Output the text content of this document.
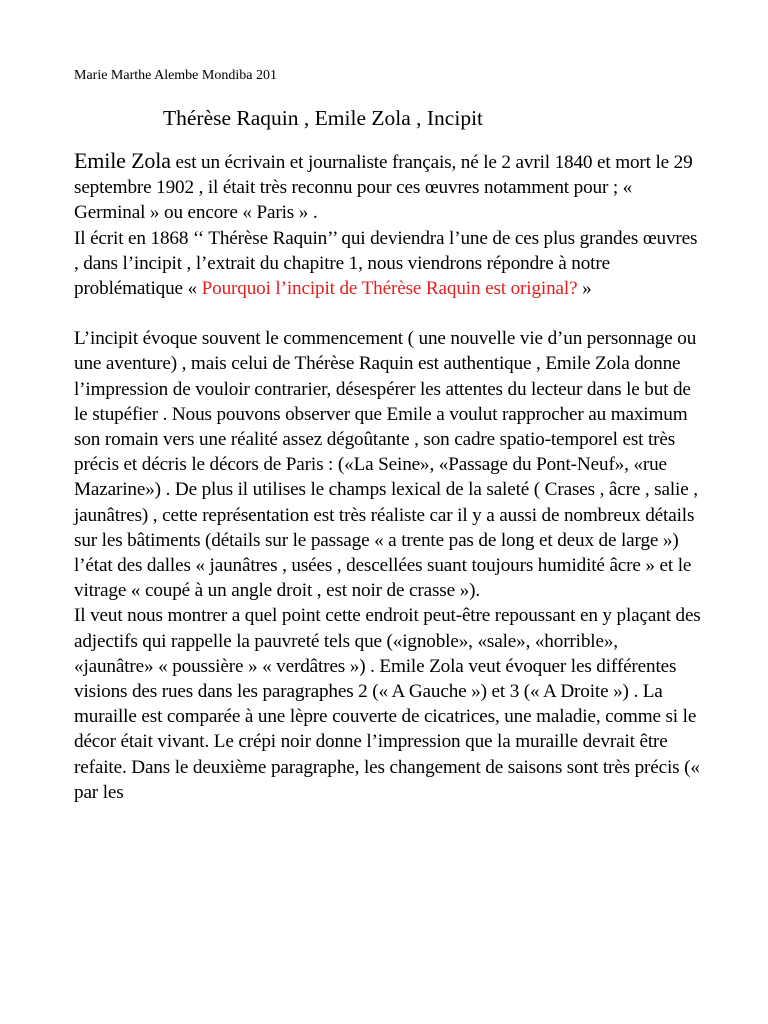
Marie Marthe Alembe Mondiba 201

Thérèse Raquin , Emile Zola , Incipit

Emile Zola est un écrivain et journaliste français, né le 2 avril 1840 et mort le 29 septembre 1902 , il était très reconnu pour ces œuvres notamment pour ; « Germinal » ou encore « Paris » .

Il écrit en 1868 ‘‘ Thérèse Raquin’’ qui deviendra l’une de ces plus grandes œuvres , dans l’incipit , l’extrait du chapitre 1, nous viendrons répondre à notre problématique « Pourquoi l’incipit de Thérèse Raquin est original? »

L’incipit évoque souvent le commencement ( une nouvelle vie d’un personnage ou une aventure) , mais celui de Thérèse Raquin est authentique , Emile Zola donne l’impression de vouloir contrarier, désespérer les attentes du lecteur dans le but de le stupéfier . Nous pouvons observer que Emile a voulut rapprocher au maximum son romain vers une réalité assez dégoûtante , son cadre spatio-temporel est très précis et décris le décors de Paris : («La Seine», «Passage du Pont-Neuf», «rue Mazarine») . De plus il utilises le champs lexical de la saleté ( Crases , âcre , salie , jaunâtres) , cette représentation est très réaliste car il y a aussi de nombreux détails sur les bâtiments (détails sur le passage « a trente pas de long et deux de large ») l’état des dalles « jaunâtres , usées , descellées suant toujours humidité âcre » et le vitrage « coupé à un angle droit , est noir de crasse »).

Il veut nous montrer a quel point cette endroit peut-être repoussant en y plaçant des adjectifs qui rappelle la pauvreté tels que («ignoble», «sale», «horrible», «jaunâtre» « poussière » « verdâtres ») . Emile Zola veut évoquer les différentes visions des rues dans les paragraphes 2 (« A Gauche ») et 3 (« A Droite ») . La muraille est comparée à une lèpre couverte de cicatrices, une maladie, comme si le décor était vivant. Le crépi noir donne l’impression que la muraille devrait être refaite. Dans le deuxième paragraphe, les changement de saisons sont très précis (« par les
